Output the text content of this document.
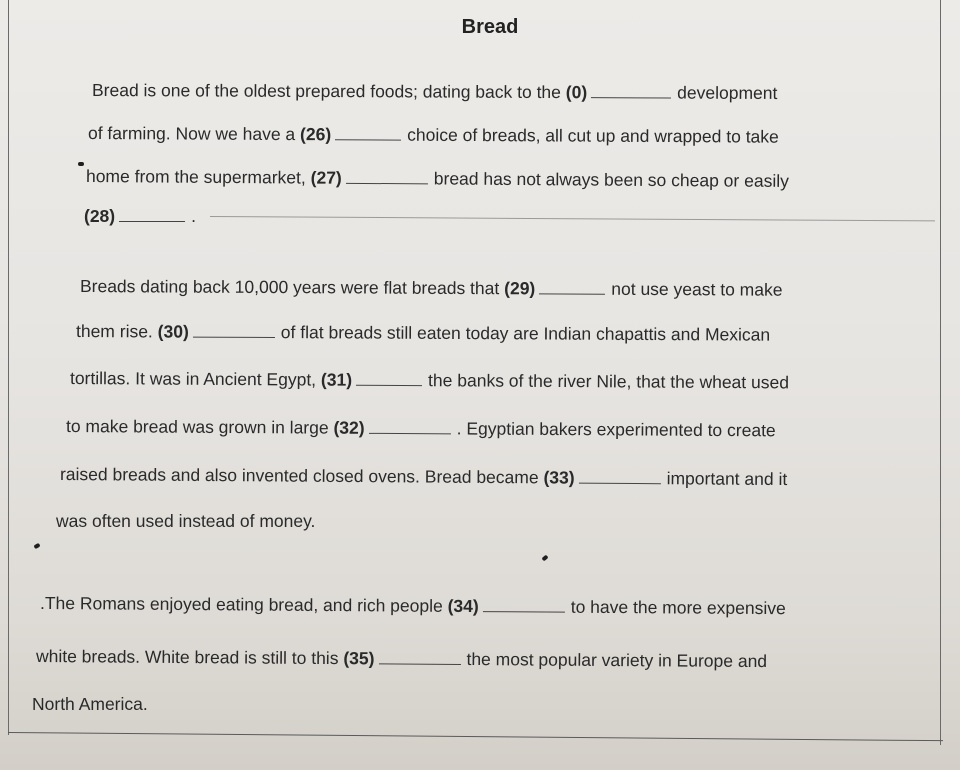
Bread
Bread is one of the oldest prepared foods; dating back to the (0)	development
of farming. Now we have a (26)	choice of breads, all cut up and wrapped to take
home from the supermarket, (27)	bread has not always been so cheap or easily
(28)	.
Breads dating back 10,000 years were flat breads that (29)	not use yeast to make
them rise. (30)	of flat breads still eaten today are Indian chapattis and Mexican
tortillas. It was in Ancient Egypt, (31)	the banks of the river Nile, that the wheat used
to make bread was grown in large (32)	. Egyptian bakers experimented to create
raised breads and also invented closed ovens. Bread became (33)	important and it
was often used instead of money.
.The Romans enjoyed eating bread, and rich people (34)	to have the more expensive
white breads. White bread is still to this (35)	the most popular variety in Europe and
North America.
